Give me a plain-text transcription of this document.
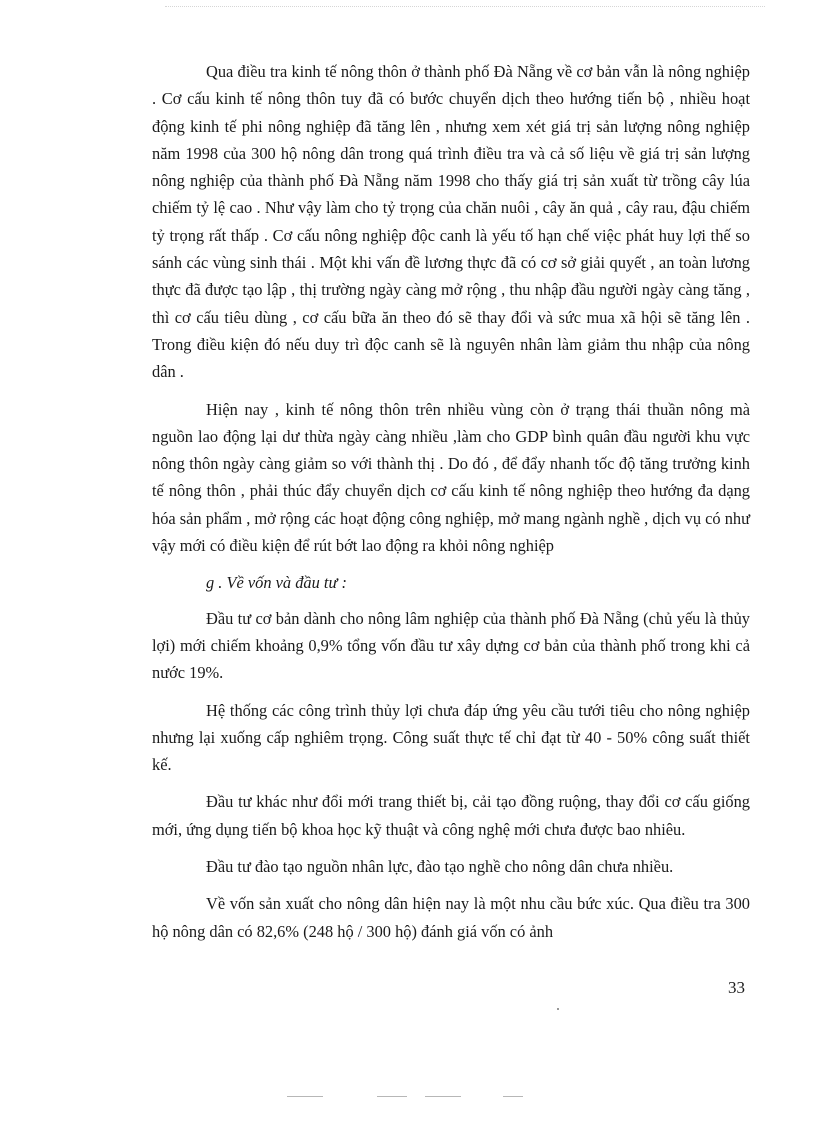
Qua điều tra kinh tế nông thôn ở thành phố Đà Nẵng về cơ bản vẫn là nông nghiệp . Cơ cấu kinh tế nông thôn tuy đã có bước chuyển dịch theo hướng tiến bộ , nhiều hoạt động kinh tế phi nông nghiệp đã tăng lên , nhưng xem xét giá trị sản lượng nông nghiệp năm 1998 của 300 hộ nông dân trong quá trình điều tra và cả số liệu về giá trị sản lượng nông nghiệp của thành phố Đà Nẵng năm 1998 cho thấy giá trị sản xuất từ trồng cây lúa chiếm tỷ lệ cao . Như vậy làm cho tỷ trọng của chăn nuôi , cây ăn quả , cây rau, đậu chiếm tỷ trọng rất thấp . Cơ cấu nông nghiệp độc canh là yếu tố hạn chế việc phát huy lợi thế so sánh các vùng sinh thái . Một khi vấn đề lương thực đã có cơ sở giải quyết , an toàn lương thực đã được tạo lập , thị trường ngày càng mở rộng , thu nhập đầu người ngày càng tăng , thì cơ cấu tiêu dùng , cơ cấu bữa ăn theo đó sẽ thay đổi và sức mua xã hội sẽ tăng lên . Trong điều kiện đó nếu duy trì độc canh sẽ là nguyên nhân làm giảm thu nhập của nông dân .

Hiện nay , kinh tế nông thôn trên nhiều vùng còn ở trạng thái thuần nông mà nguồn lao động lại dư thừa ngày càng nhiều ,làm cho GDP bình quân đầu người khu vực nông thôn ngày càng giảm so với thành thị . Do đó , để đẩy nhanh tốc độ tăng trưởng kinh tế nông thôn , phải thúc đẩy chuyển dịch cơ cấu kinh tế nông nghiệp theo hướng đa dạng hóa sản phẩm , mở rộng các hoạt động công nghiệp, mở mang ngành nghề , dịch vụ có như vậy mới có điều kiện để rút bớt lao động ra khỏi nông nghiệp

g . Về vốn và đầu tư :

Đầu tư cơ bản dành cho nông lâm nghiệp của thành phố Đà Nẵng (chủ yếu là thủy lợi) mới chiếm khoảng 0,9% tổng vốn đầu tư xây dựng cơ bản của thành phố trong khi cả nước 19%.

Hệ thống các công trình thủy lợi chưa đáp ứng yêu cầu tưới tiêu cho nông nghiệp nhưng lại xuống cấp nghiêm trọng. Công suất thực tế chỉ đạt từ 40 - 50% công suất thiết kế.

Đầu tư khác như đổi mới trang thiết bị, cải tạo đồng ruộng, thay đổi cơ cấu giống mới, ứng dụng tiến bộ khoa học kỹ thuật và công nghệ mới chưa được bao nhiêu.

Đầu tư đào tạo nguồn nhân lực, đào tạo nghề cho nông dân chưa nhiều.

Về vốn sản xuất cho nông dân hiện nay là một nhu cầu bức xúc. Qua điều tra 300 hộ nông dân có 82,6% (248 hộ / 300 hộ) đánh giá vốn có ảnh

33
